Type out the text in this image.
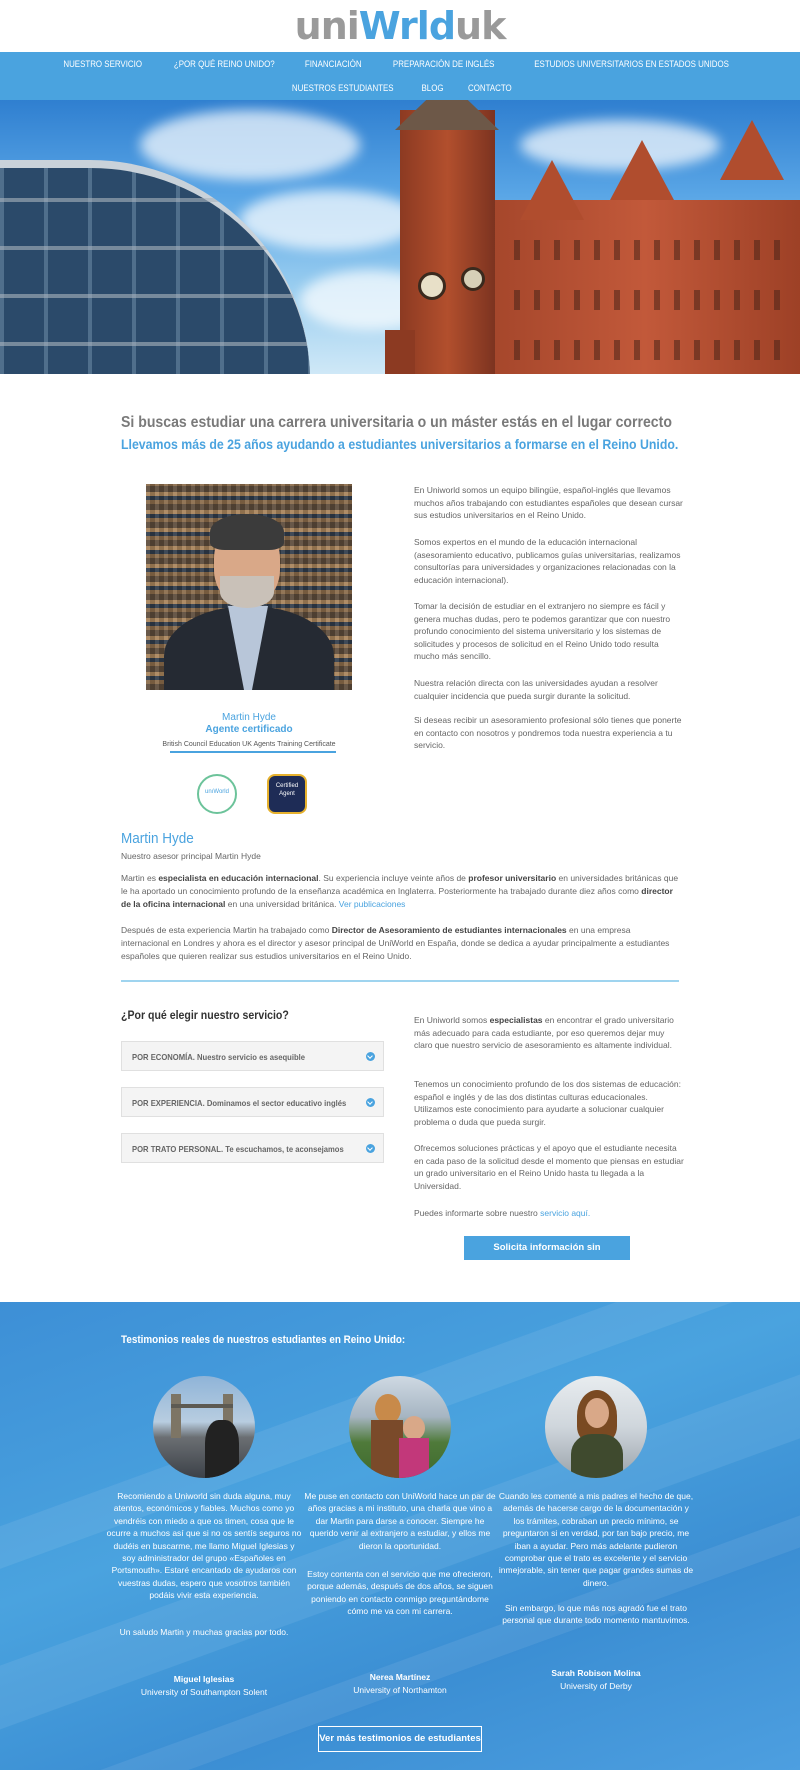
uniWrlduk
NUESTRO SERVICIO	¿POR QUÉ REINO UNIDO?	FINANCIACIÓN	PREPARACIÓN DE INGLÉS	ESTUDIOS UNIVERSITARIOS EN ESTADOS UNIDOS
NUESTROS ESTUDIANTES	BLOG	CONTACTO
Si buscas estudiar una carrera universitaria o un máster estás en el lugar correcto
Llevamos más de 25 años ayudando a estudiantes universitarios a formarse en el Reino Unido.
Martin Hyde
Agente certificado
British Council Education UK Agents Training Certificate
unıWorld
Certified Agent
En Uniworld somos un equipo bilingüe, español-inglés que llevamos muchos años trabajando con estudiantes españoles que desean cursar sus estudios universitarios en el Reino Unido.
Somos expertos en el mundo de la educación internacional (asesoramiento educativo, publicamos guías universitarias, realizamos consultorías para universidades y organizaciones relacionadas con la educación internacional).
Tomar la decisión de estudiar en el extranjero no siempre es fácil y genera muchas dudas, pero te podemos garantizar que con nuestro profundo conocimiento del sistema universitario y los sistemas de solicitudes y procesos de solicitud en el Reino Unido todo resulta mucho más sencillo.
Nuestra relación directa con las universidades ayudan a resolver cualquier incidencia que pueda surgir durante la solicitud.
Si deseas recibir un asesoramiento profesional sólo tienes que ponerte en contacto con nosotros y pondremos toda nuestra experiencia a tu servicio.
Martin Hyde
Nuestro asesor principal Martin Hyde
Martin es especialista en educación internacional. Su experiencia incluye veinte años de profesor universitario en universidades británicas que le ha aportado un conocimiento profundo de la enseñanza académica en Inglaterra. Posteriormente ha trabajado durante diez años como director de la oficina internacional en una universidad británica. Ver publicaciones
Después de esta experiencia Martin ha trabajado como Director de Asesoramiento de estudiantes internacionales en una empresa internacional en Londres y ahora es el director y asesor principal de UniWorld en España, donde se dedica a ayudar principalmente a estudiantes españoles que quieren realizar sus estudios universitarios en el Reino Unido.
¿Por qué elegir nuestro servicio?
POR ECONOMÍA. Nuestro servicio es asequible
POR EXPERIENCIA. Dominamos el sector educativo inglés
POR TRATO PERSONAL. Te escuchamos, te aconsejamos
En Uniworld somos especialistas en encontrar el grado universitario más adecuado para cada estudiante, por eso queremos dejar muy claro que nuestro servicio de asesoramiento es altamente individual.
Tenemos un conocimiento profundo de los dos sistemas de educación: español e inglés y de las dos distintas culturas educacionales. Utilizamos este conocimiento para ayudarte a solucionar cualquier problema o duda que pueda surgir.
Ofrecemos soluciones prácticas y el apoyo que el estudiante necesita en cada paso de la solicitud desde el momento que piensas en estudiar un grado universitario en el Reino Unido hasta tu llegada a la Universidad.
Puedes informarte sobre nuestro servicio aquí.
Solicita información sin compromiso
Testimonios reales de nuestros estudiantes en Reino Unido:
Recomiendo a Uniworld sin duda alguna, muy atentos, económicos y fiables. Muchos como yo vendréis con miedo a que os timen, cosa que le ocurre a muchos así que si no os sentís seguros no dudéis en buscarme, me llamo Miguel Iglesias y soy administrador del grupo «Españoles en Portsmouth». Estaré encantado de ayudaros con vuestras dudas, espero que vosotros también podáis vivir esta experiencia.
Un saludo Martin y muchas gracias por todo.
Miguel Iglesias
University of Southampton Solent
Me puse en contacto con UniWorld hace un par de años gracias a mi instituto, una charla que vino a dar Martin para darse a conocer. Siempre he querido venir al extranjero a estudiar, y ellos me dieron la oportunidad.
Estoy contenta con el servicio que me ofrecieron, porque además, después de dos años, se siguen poniendo en contacto conmigo preguntándome cómo me va con mi carrera.
Nerea Martínez
University of Northamton
Cuando les comenté a mis padres el hecho de que, además de hacerse cargo de la documentación y los trámites, cobraban un precio mínimo, se preguntaron si en verdad, por tan bajo precio, me iban a ayudar. Pero más adelante pudieron comprobar que el trato es excelente y el servicio inmejorable, sin tener que pagar grandes sumas de dinero.
Sin embargo, lo que más nos agradó fue el trato personal que durante todo momento mantuvimos.
Sarah Robison Molina
University of Derby
Ver más testimonios de estudiantes
